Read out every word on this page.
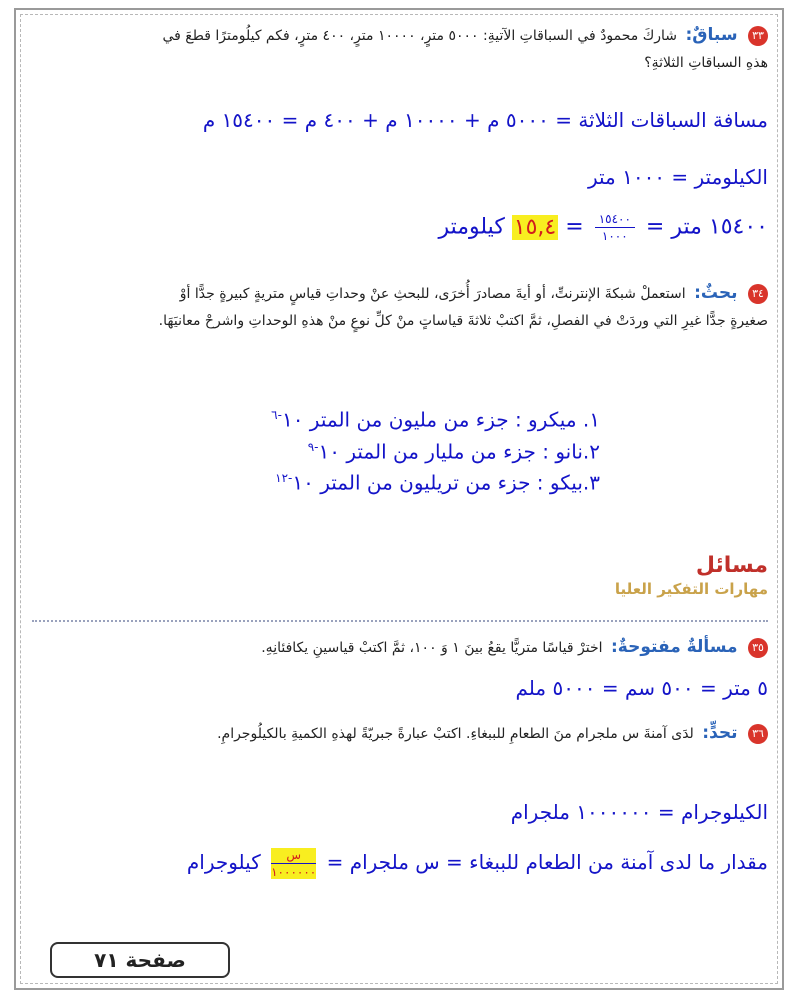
٣٣ سباقٌ: شاركَ محمودٌ في السباقاتِ الآتيةِ: ٥٠٠٠ مترٍ، ١٠٠٠٠ مترٍ، ٤٠٠ مترٍ، فكم كيلُومترًا قطعَ في هذهِ السباقاتِ الثلاثةِ؟
مسافة السباقات الثلاثة = ٥٠٠٠ م + ١٠٠٠٠ م + ٤٠٠ م = ١٥٤٠٠ م
الكيلومتر = ١٠٠٠ متر
١٥٤٠٠ متر =
$\frac{١٥٤٠٠}{١٠٠٠}$
= ١٥,٤ كيلومتر
٣٤ بحثٌ: استعملْ شبكةَ الإنترنتِّ، أو أيةَ مصادرَ أُخرَى، للبحثِ عنْ وحداتِ قياسٍ متريةٍ كبيرةٍ جدًّا أوْ صغيرةٍ جدًّا غيرِ التي وردَتْ في الفصلِ، ثمَّ اكتبْ ثلاثةَ قياساتٍ منْ كلِّ نوعٍ منْ هذهِ الوحداتِ واشرحْ معانيَهَا.
١. ميكرو : جزء من مليون من المتر $١٠^{-٦}$
٢.نانو : جزء من مليار من المتر $١٠^{-٩}$
٣.بيكو : جزء من تريليون من المتر $١٠^{-١٢}$
مسائل
مهارات التفكير العليا
٣٥ مسألةٌ مفتوحةٌ: اخترْ قياسًا متريًّا يقعُ بينَ ١ وَ ١٠٠، ثمَّ اكتبْ قياسينِ يكافئانِهِ.
٥ متر = ٥٠٠ سم = ٥٠٠٠ ملم
٣٦ تحدٍّ: لدَى آمنةَ س ملجرام منَ الطعامِ للببغاءِ. اكتبْ عبارةً جبريّةً لهذهِ الكميةِ بالكيلُوجرامِ.
الكيلوجرام = ١٠٠٠٠٠٠ ملجرام
مقدار ما لدى آمنة من الطعام للببغاء = س ملجرام =
$\frac{\text{س}}{١٠٠٠٠٠٠}$
كيلوجرام
صفحة ٧١
